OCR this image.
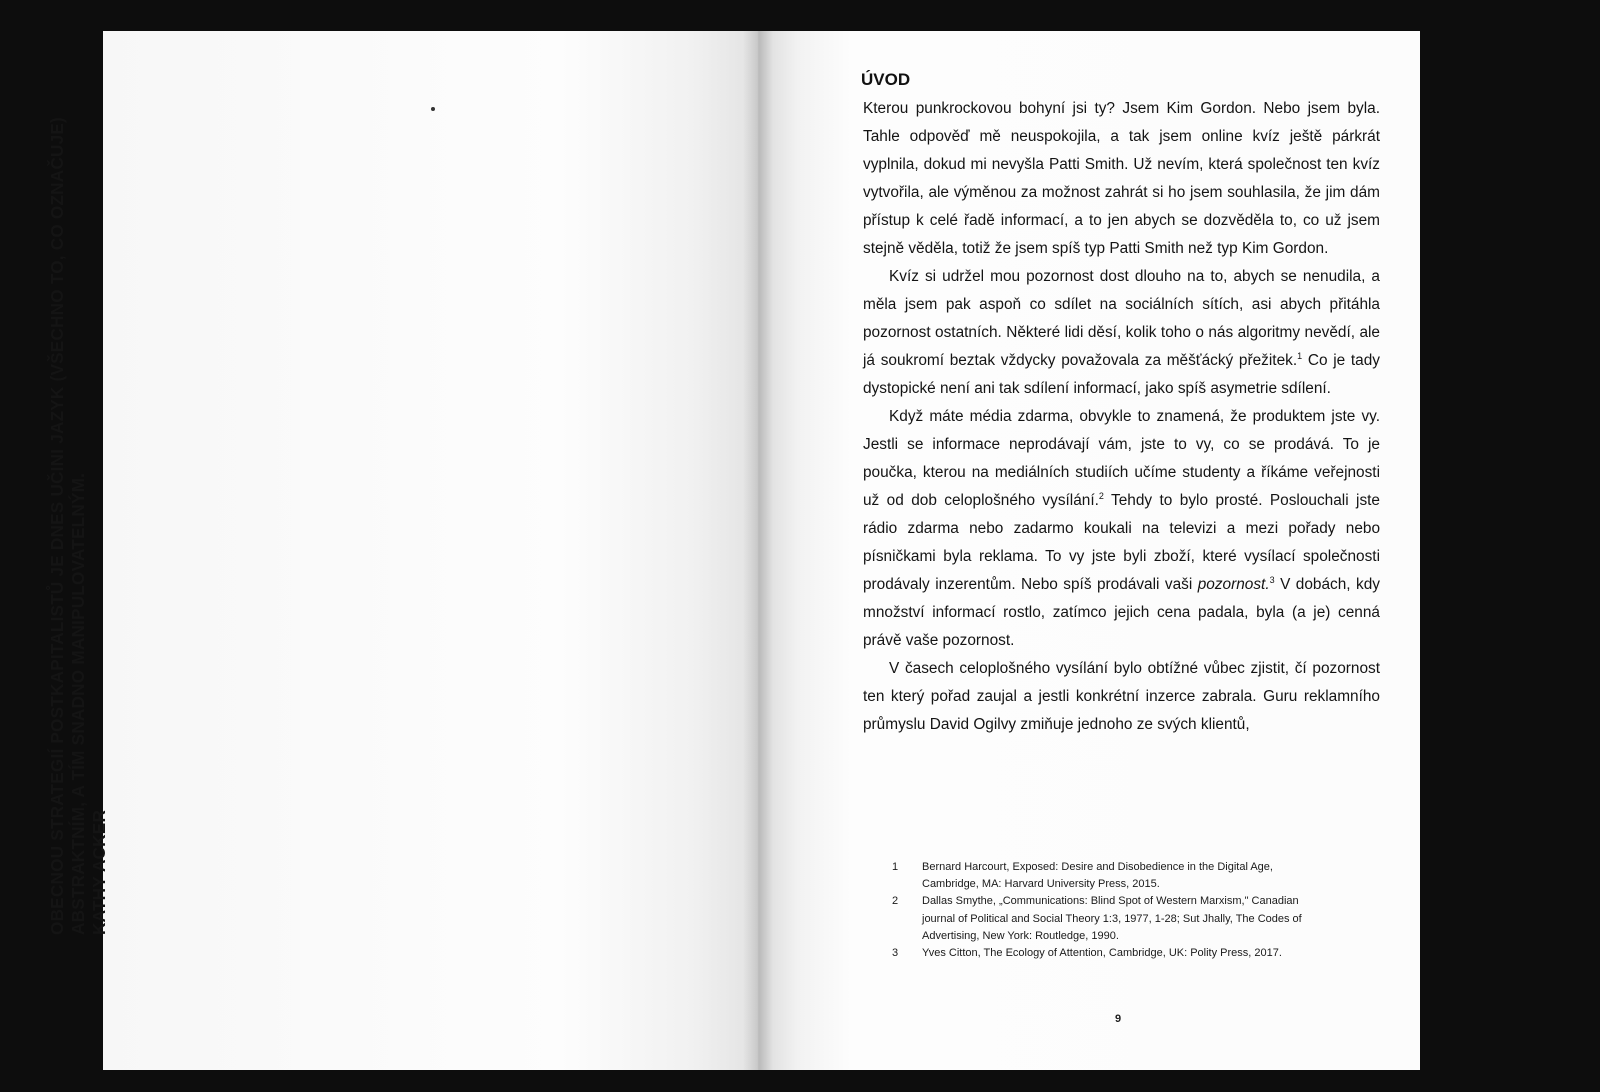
OBECNOU STRATEGIÍ POSTKAPITALISTŮ JE DNES UČINI JAZYK (VŠECHNO TO, CO OZNAČUJE) ABSTRAKTNÍM, A TÍM SNADNO MANIPULOVATELNÝM. KATHY ACKER
ÚVOD

Kterou punkrockovou bohyní jsi ty? Jsem Kim Gordon. Nebo jsem byla. Tahle odpověď mě neuspokojila, a tak jsem online kvíz ještě párkrát vyplnila, dokud mi nevyšla Patti Smith. Už nevím, která společnost ten kvíz vytvořila, ale výměnou za možnost zahrát si ho jsem souhlasila, že jim dám přístup k celé řadě informací, a to jen abych se dozvěděla to, co už jsem stejně věděla, totiž že jsem spíš typ Patti Smith než typ Kim Gordon.

Kvíz si udržel mou pozornost dost dlouho na to, abych se nenudila, a měla jsem pak aspoň co sdílet na sociálních sítích, asi abych přitáhla pozornost ostatních. Některé lidi děsí, kolik toho o nás algoritmy nevědí, ale já soukromí beztak vždycky považovala za měšťácký přežitek.$^1$ Co je tady dystopické není ani tak sdílení informací, jako spíš asymetrie sdílení.

Když máte média zdarma, obvykle to znamená, že produktem jste vy. Jestli se informace neprodávají vám, jste to vy, co se prodává. To je poučka, kterou na mediálních studiích učíme studenty a říkáme veřejnosti už od dob celoplošného vysílání.$^2$ Tehdy to bylo prosté. Poslouchali jste rádio zdarma nebo zadarmo koukali na televizi a mezi pořady nebo písničkami byla reklama. To vy jste byli zboží, které vysílací společnosti prodávaly inzerentům. Nebo spíš prodávali vaši pozornost.$^3$ V dobách, kdy množství informací rostlo, zatímco jejich cena padala, byla (a je) cenná právě vaše pozornost.

V časech celoplošného vysílání bylo obtížné vůbec zjistit, čí pozornost ten který pořad zaujal a jestli konkrétní inzerce zabrala. Guru reklamního průmyslu David Ogilvy zmiňuje jednoho ze svých klientů,

1 Bernard Harcourt, Exposed: Desire and Disobedience in the Digital Age, Cambridge, MA: Harvard University Press, 2015.
2 Dallas Smythe, „Communications: Blind Spot of Western Marxism," Canadian journal of Political and Social Theory 1:3, 1977, 1-28; Sut Jhally, The Codes of Advertising, New York: Routledge, 1990.
3 Yves Citton, The Ecology of Attention, Cambridge, UK: Polity Press, 2017.
9
